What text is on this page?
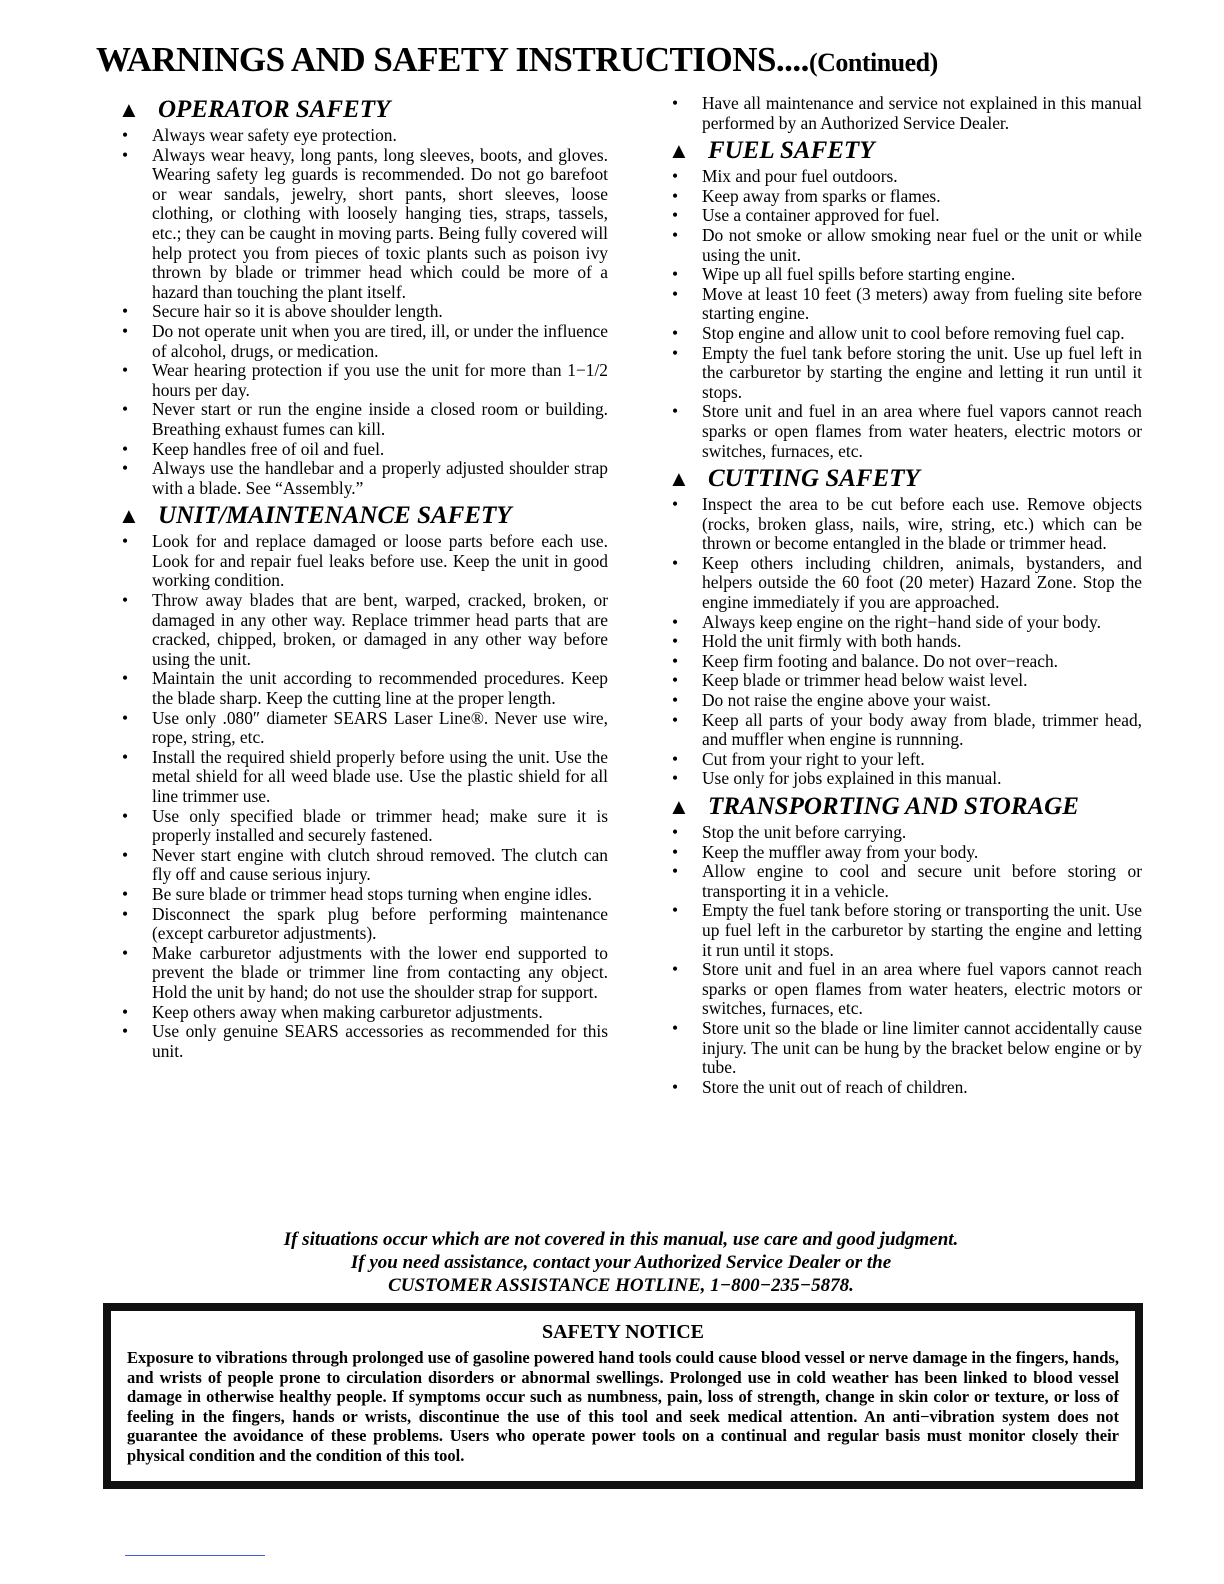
WARNINGS AND SAFETY INSTRUCTIONS....(Continued)
▲ OPERATOR SAFETY
• Always wear safety eye protection.
• Always wear heavy, long pants, long sleeves, boots, and gloves. Wearing safety leg guards is recommended. Do not go barefoot or wear sandals, jewelry, short pants, short sleeves, loose clothing, or clothing with loosely hanging ties, straps, tassels, etc.; they can be caught in moving parts. Being fully covered will help protect you from pieces of toxic plants such as poison ivy thrown by blade or trimmer head which could be more of a hazard than touching the plant itself.
• Secure hair so it is above shoulder length.
• Do not operate unit when you are tired, ill, or under the influence of alcohol, drugs, or medication.
• Wear hearing protection if you use the unit for more than 1−1/2 hours per day.
• Never start or run the engine inside a closed room or building. Breathing exhaust fumes can kill.
• Keep handles free of oil and fuel.
• Always use the handlebar and a properly adjusted shoulder strap with a blade. See “Assembly.”
▲ UNIT/MAINTENANCE SAFETY
• Look for and replace damaged or loose parts before each use. Look for and repair fuel leaks before use. Keep the unit in good working condition.
• Throw away blades that are bent, warped, cracked, broken, or damaged in any other way. Replace trimmer head parts that are cracked, chipped, broken, or damaged in any other way before using the unit.
• Maintain the unit according to recommended procedures. Keep the blade sharp. Keep the cutting line at the proper length.
• Use only .080″ diameter SEARS Laser Line®. Never use wire, rope, string, etc.
• Install the required shield properly before using the unit. Use the metal shield for all weed blade use. Use the plastic shield for all line trimmer use.
• Use only specified blade or trimmer head; make sure it is properly installed and securely fastened.
• Never start engine with clutch shroud removed. The clutch can fly off and cause serious injury.
• Be sure blade or trimmer head stops turning when engine idles.
• Disconnect the spark plug before performing maintenance (except carburetor adjustments).
• Make carburetor adjustments with the lower end supported to prevent the blade or trimmer line from contacting any object. Hold the unit by hand; do not use the shoulder strap for support.
• Keep others away when making carburetor adjustments.
• Use only genuine SEARS accessories as recommended for this unit.
• Have all maintenance and service not explained in this manual performed by an Authorized Service Dealer.
▲ FUEL SAFETY
• Mix and pour fuel outdoors.
• Keep away from sparks or flames.
• Use a container approved for fuel.
• Do not smoke or allow smoking near fuel or the unit or while using the unit.
• Wipe up all fuel spills before starting engine.
• Move at least 10 feet (3 meters) away from fueling site before starting engine.
• Stop engine and allow unit to cool before removing fuel cap.
• Empty the fuel tank before storing the unit. Use up fuel left in the carburetor by starting the engine and letting it run until it stops.
• Store unit and fuel in an area where fuel vapors cannot reach sparks or open flames from water heaters, electric motors or switches, furnaces, etc.
▲ CUTTING SAFETY
• Inspect the area to be cut before each use. Remove objects (rocks, broken glass, nails, wire, string, etc.) which can be thrown or become entangled in the blade or trimmer head.
• Keep others including children, animals, bystanders, and helpers outside the 60 foot (20 meter) Hazard Zone. Stop the engine immediately if you are approached.
• Always keep engine on the right−hand side of your body.
• Hold the unit firmly with both hands.
• Keep firm footing and balance. Do not over−reach.
• Keep blade or trimmer head below waist level.
• Do not raise the engine above your waist.
• Keep all parts of your body away from blade, trimmer head, and muffler when engine is runnning.
• Cut from your right to your left.
• Use only for jobs explained in this manual.
▲ TRANSPORTING AND STORAGE
• Stop the unit before carrying.
• Keep the muffler away from your body.
• Allow engine to cool and secure unit before storing or transporting it in a vehicle.
• Empty the fuel tank before storing or transporting the unit. Use up fuel left in the carburetor by starting the engine and letting it run until it stops.
• Store unit and fuel in an area where fuel vapors cannot reach sparks or open flames from water heaters, electric motors or switches, furnaces, etc.
• Store unit so the blade or line limiter cannot accidentally cause injury. The unit can be hung by the bracket below engine or by tube.
• Store the unit out of reach of children.
If situations occur which are not covered in this manual, use care and good judgment.
If you need assistance, contact your Authorized Service Dealer or the
CUSTOMER ASSISTANCE HOTLINE, 1−800−235−5878.
SAFETY NOTICE
Exposure to vibrations through prolonged use of gasoline powered hand tools could cause blood vessel or nerve damage in the fingers, hands, and wrists of people prone to circulation disorders or abnormal swellings. Prolonged use in cold weather has been linked to blood vessel damage in otherwise healthy people. If symptoms occur such as numbness, pain, loss of strength, change in skin color or texture, or loss of feeling in the fingers, hands or wrists, discontinue the use of this tool and seek medical attention. An anti−vibration system does not guarantee the avoidance of these problems. Users who operate power tools on a continual and regular basis must monitor closely their physical condition and the condition of this tool.
